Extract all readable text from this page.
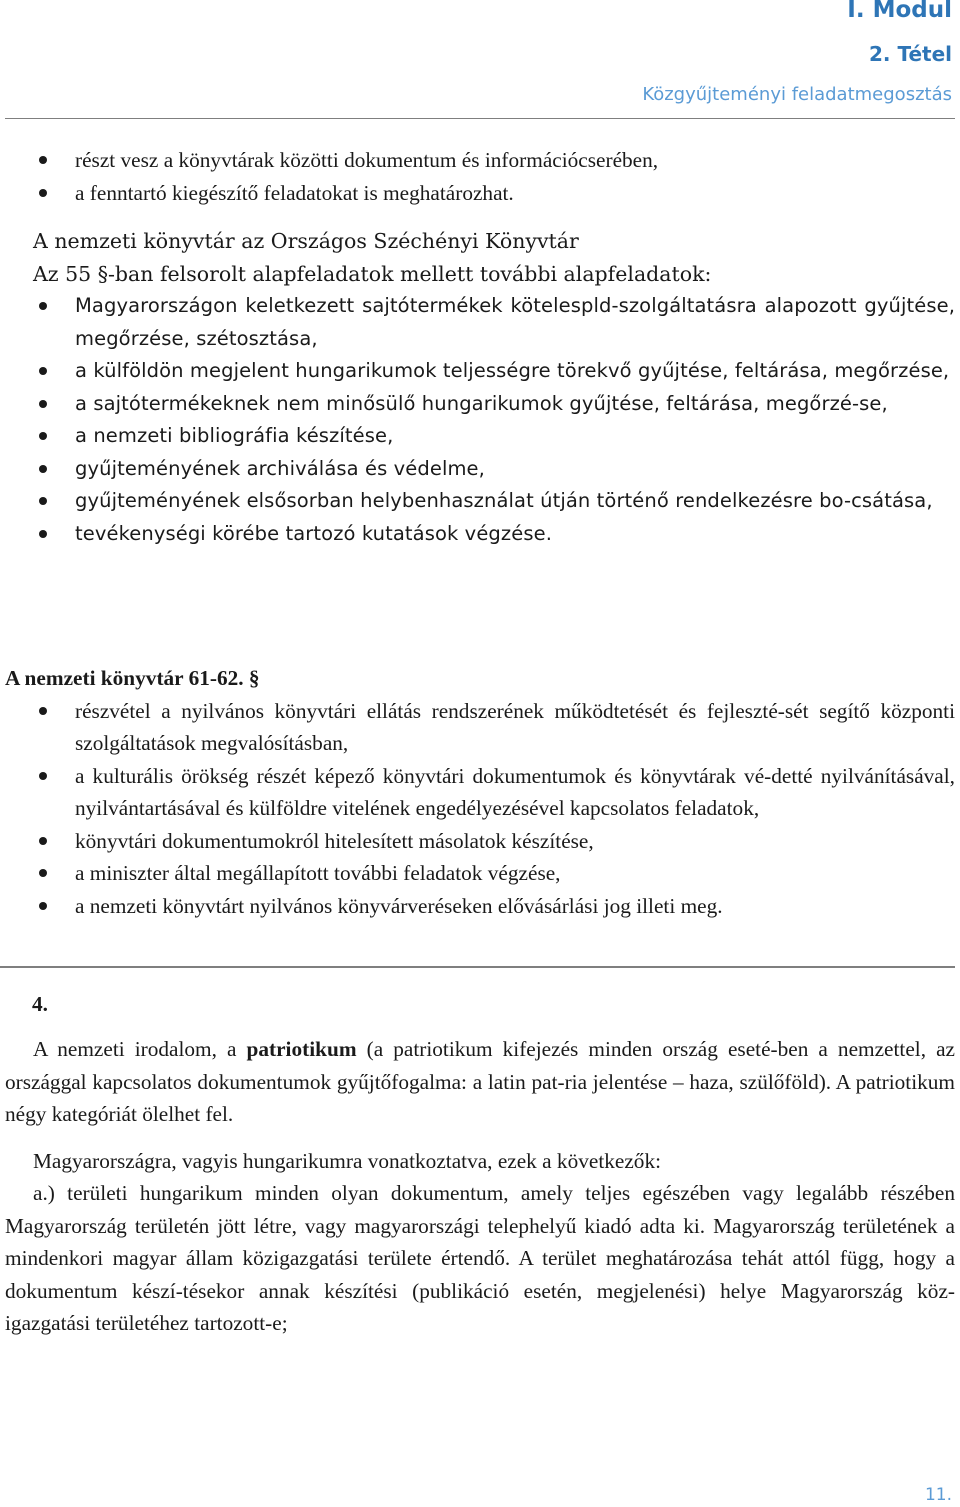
I. Modul
2. Tétel
Közgyűjteményi feladatmegosztás
részt vesz a könyvtárak közötti dokumentum és információcserében,
a fenntartó kiegészítő feladatokat is meghatározhat.

A nemzeti könyvtár az Országos Széchényi Könyvtár

Az 55 §-ban felsorolt alapfeladatok mellett további alapfeladatok:

Magyarországon keletkezett sajtótermékek kötelespld-szolgáltatásra alapozott gyűjtése, megőrzése, szétosztása,
a külföldön megjelent hungarikumok teljességre törekvő gyűjtése, feltárása, megőrzése,
a sajtótermékeknek nem minősülő hungarikumok gyűjtése, feltárása, megőrzé-se,
a nemzeti bibliográfia készítése,
gyűjteményének archiválása és védelme,
gyűjteményének elsősorban helybenhasználat útján történő rendelkezésre bo-csátása,
tevékenységi körébe tartozó kutatások végzése.

A nemzeti könyvtár 61-62. §

részvétel a nyilvános könyvtári ellátás rendszerének működtetését és fejleszté-sét segítő központi szolgáltatások megvalósításban,
a kulturális örökség részét képező könyvtári dokumentumok és könyvtárak vé-detté nyilvánításával, nyilvántartásával és külföldre vitelének engedélyezésével kapcsolatos feladatok,
könyvtári dokumentumokról hitelesített másolatok készítése,
a miniszter által megállapított további feladatok végzése,
a nemzeti könyvtárt nyilvános könyvárveréseken elővásárlási jog illeti meg.
4.

A nemzeti irodalom, a patriotikum (a patriotikum kifejezés minden ország eseté-ben a nemzettel, az országgal kapcsolatos dokumentumok gyűjtőfogalma: a latin pat-ria jelentése – haza, szülőföld). A patriotikum négy kategóriát ölelhet fel.

Magyarországra, vagyis hungarikumra vonatkoztatva, ezek a következők:

a.) területi hungarikum minden olyan dokumentum, amely teljes egészében vagy legalább részében Magyarország területén jött létre, vagy magyarországi telephelyű kiadó adta ki. Magyarország területének a mindenkori magyar állam közigazgatási területe értendő. A terület meghatározása tehát attól függ, hogy a dokumentum készí-tésekor annak készítési (publikáció esetén, megjelenési) helye Magyarország köz-igazgatási területéhez tartozott-e;

11.
